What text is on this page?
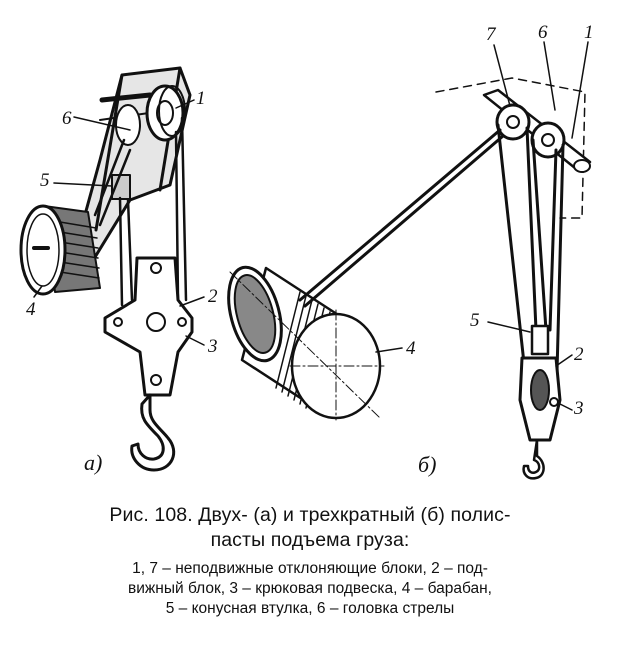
6
1
5
4
2
3
7 6 1
4
5
2
3
а)	б)
Рис. 108. Двух- (а) и трехкратный (б) полис-
пасты подъема груза:
1, 7 – неподвижные отклоняющие блоки, 2 – под-
вижный блок, 3 – крюковая подвеска, 4 – барабан,
5 – конусная втулка, 6 – головка стрелы
